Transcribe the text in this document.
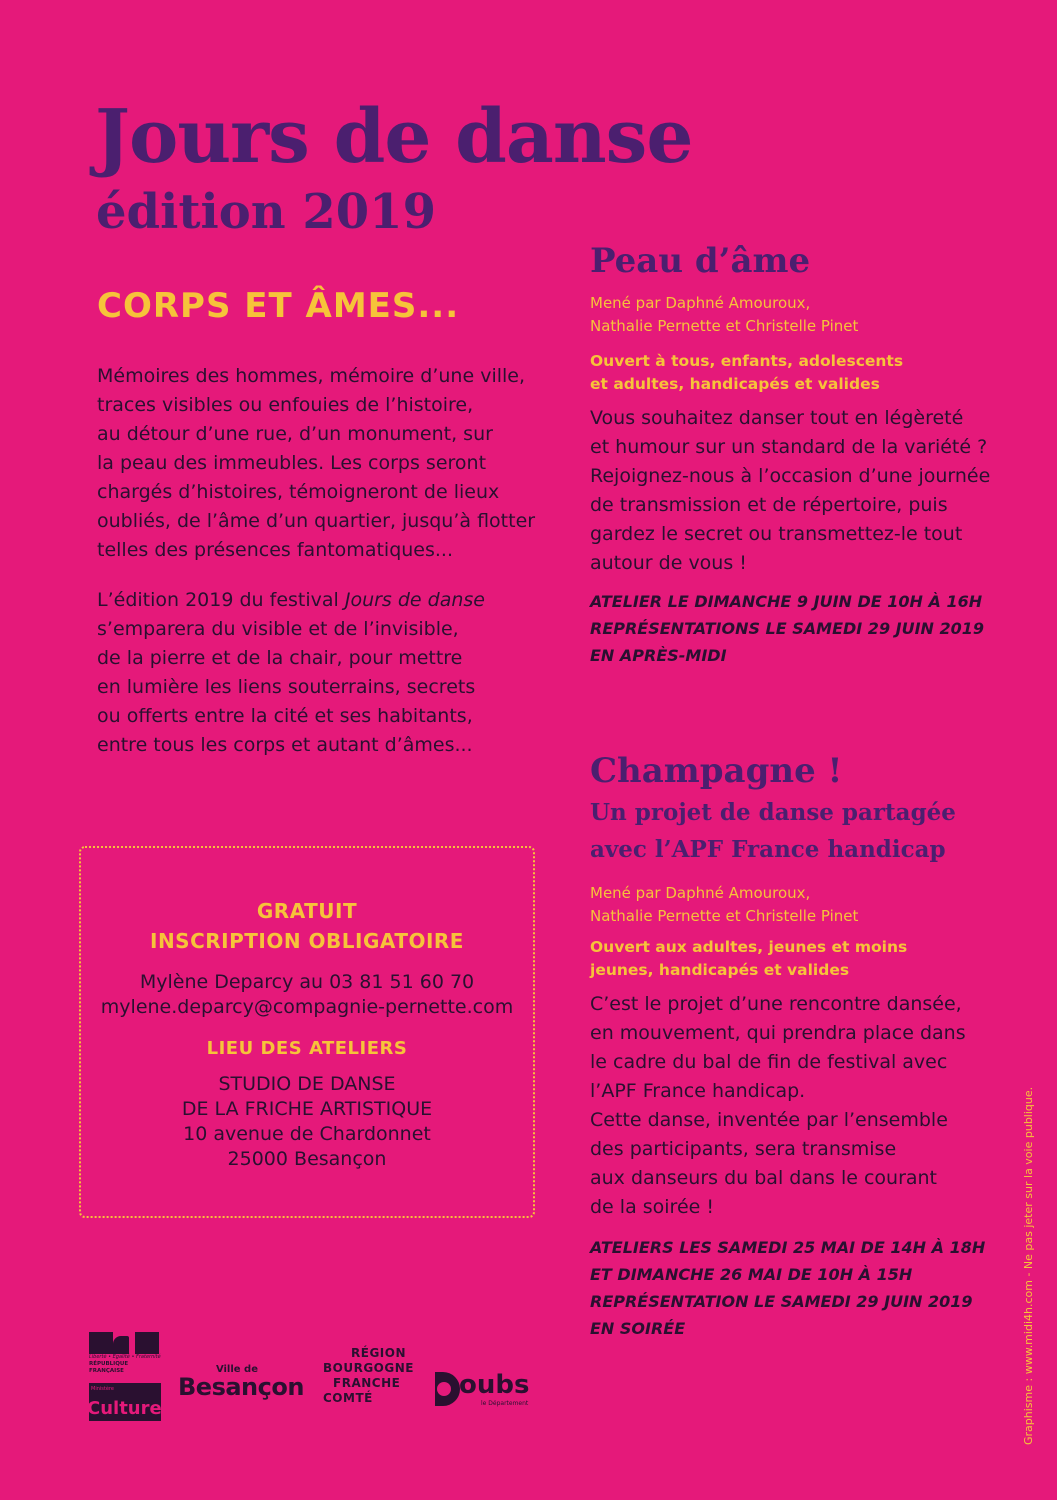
Jours de danse
édition 2019
CORPS ET ÂMES...

Mémoires des hommes, mémoire d’une ville,
traces visibles ou enfouies de l’histoire,
au détour d’une rue, d’un monument, sur
la peau des immeubles. Les corps seront
chargés d’histoires, témoigneront de lieux
oubliés, de l’âme d’un quartier, jusqu’à flotter
telles des présences fantomatiques...

L’édition 2019 du festival Jours de danse
s’emparera du visible et de l’invisible,
de la pierre et de la chair, pour mettre
en lumière les liens souterrains, secrets
ou offerts entre la cité et ses habitants,
entre tous les corps et autant d’âmes...

GRATUIT
INSCRIPTION OBLIGATOIRE
Mylène Deparcy au 03 81 51 60 70
mylene.deparcy@compagnie-pernette.com
LIEU DES ATELIERS
STUDIO DE DANSE
DE LA FRICHE ARTISTIQUE
10 avenue de Chardonnet
25000 Besançon
Peau d’âme

Mené par Daphné Amouroux,
Nathalie Pernette et Christelle Pinet

Ouvert à tous, enfants, adolescents
et adultes, handicapés et valides

Vous souhaitez danser tout en légèreté
et humour sur un standard de la variété ?
Rejoignez-nous à l’occasion d’une journée
de transmission et de répertoire, puis
gardez le secret ou transmettez-le tout
autour de vous !

ATELIER LE DIMANCHE 9 JUIN DE 10H À 16H
REPRÉSENTATIONS LE SAMEDI 29 JUIN 2019
EN APRÈS-MIDI

Champagne !
Un projet de danse partagée
avec l’APF France handicap

Mené par Daphné Amouroux,
Nathalie Pernette et Christelle Pinet

Ouvert aux adultes, jeunes et moins
jeunes, handicapés et valides

C’est le projet d’une rencontre dansée,
en mouvement, qui prendra place dans
le cadre du bal de fin de festival avec
l’APF France handicap.
Cette danse, inventée par l’ensemble
des participants, sera transmise
aux danseurs du bal dans le courant
de la soirée !

ATELIERS LES SAMEDI 25 MAI DE 14H À 18H
ET DIMANCHE 26 MAI DE 10H À 15H
REPRÉSENTATION LE SAMEDI 29 JUIN 2019
EN SOIRÉE

Liberté • Égalité • Fraternité
RÉPUBLIQUE FRANÇAISE
Ministère
Culture
Ville de
Besançon
RÉGION
BOURGOGNE
FRANCHE
COMTÉ	oubs
le Département	Graphisme : www.midi4h.com - Ne pas jeter sur la voie publique.
